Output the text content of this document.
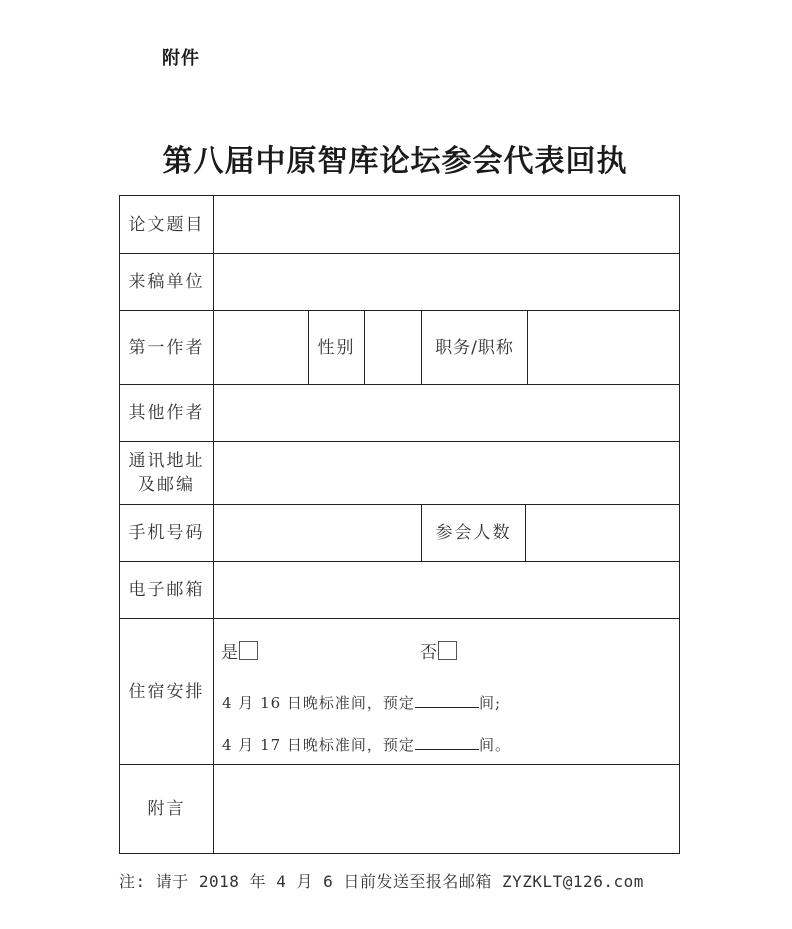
附件
第八届中原智库论坛参会代表回执
论文题目
来稿单位
第一作者	性别	职务/职称
其他作者
通讯地址
及邮编
手机号码	参会人数
电子邮箱
住宿安排
是	否
4 月 16 日晚标准间，预定	间;
4 月 17 日晚标准间，预定	间。
附言
注: 请于 2018 年 4 月 6 日前发送至报名邮箱 ZYZKLT@126.com
